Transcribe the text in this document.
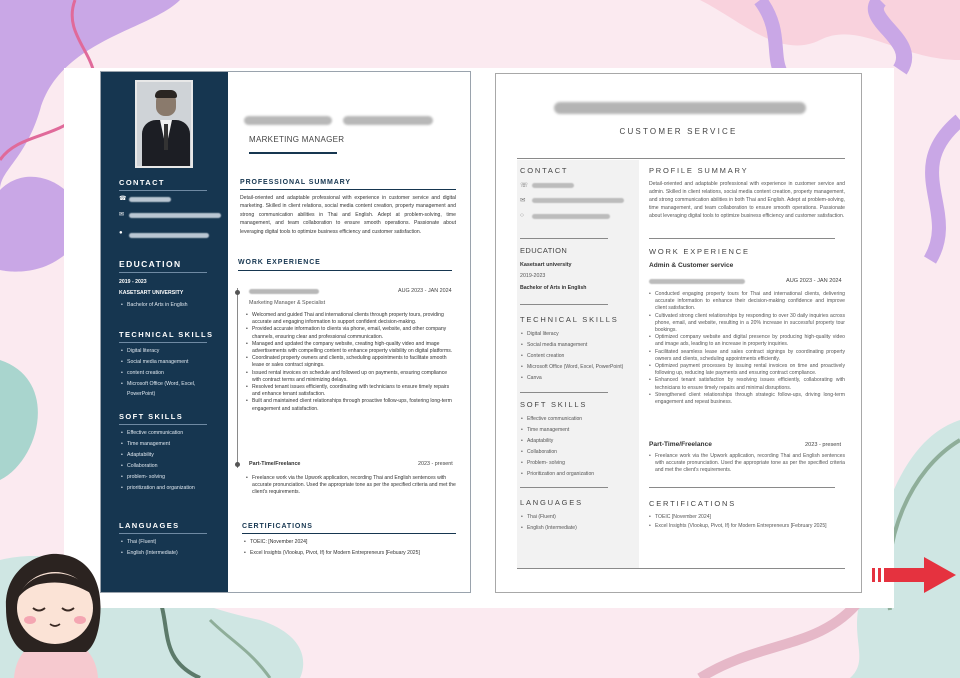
CONTACT
☎
✉
●
EDUCATION
2019 - 2023
KASETSART UNIVERSITY
• Bachelor of Arts in English
TECHNICAL SKILLS
• Digital literacy
• Social media management
• content creation
• Microsoft Office (Word, Excel,
PowerPoint)
SOFT SKILLS
• Effective communication
• Time management
• Adaptability
• Collaboration
• problem- solving
• prioritization and organization
LANGUAGES
• Thai (Fluent)
• English (Intermediate)
MARKETING MANAGER
PROFESSIONAL SUMMARY
Detail-oriented and adaptable professional with experience in customer service and digital marketing. Skilled in client relations, social media content creation, property management and strong communication abilities in Thai and English. Adept at problem-solving, time management, and team collaboration to ensure smooth operations. Passionate about leveraging digital tools to optimize business efficiency and customer satisfaction.
WORK EXPERIENCE
AUG 2023 - JAN 2024
Marketing Manager & Specialist
• Welcomed and guided Thai and international clients through property tours, providing accurate and engaging information to support confident decision-making.
• Provided accurate information to clients via phone, email, website, and other company channels, ensuring clear and professional communication.
• Managed and updated the company website, creating high-quality video and image advertisements with compelling content to enhance property visibility on digital platforms.
• Coordinated property owners and clients, scheduling appointments to facilitate smooth lease or sales contract signings.
• Issued rental invoices on schedule and followed up on payments, ensuring compliance with contract terms and minimizing delays.
• Resolved tenant issues efficiently, coordinating with technicians to ensure timely repairs and enhance tenant satisfaction.
• Built and maintained client relationships through proactive follow-ups, fostering long-term engagement and satisfaction.
Part-Time/Freelance	2023 - present
• Freelance work via the Upwork application, recording Thai and English sentences with accurate pronunciation. Used the appropriate tone as per the specified criteria and met the client's requirements.
CERTIFICATIONS
• TOEIC: [November 2024]
• Excel Insights (Vlookup, Pivot, If) for Modern Entrepreneurs [Febuary 2025]
CUSTOMER SERVICE
CONTACT
☏
✉
○
EDUCATION
Kasetsart university
2019-2023
Bachelor of Arts in English
TECHNICAL SKILLS
• Digital literacy
• Social media management
• Content creation
• Microsoft Office (Word, Excel, PowerPoint)
• Canva
SOFT SKILLS
• Effective communication
• Time management
• Adaptability
• Collaboration
• Problem- solving
• Prioritization and organization
LANGUAGES
• Thai (Fluent)
• English (Intermediate)
PROFILE SUMMARY
Detail-oriented and adaptable professional with experience in customer service and admin. Skilled in client relations, social media content creation, property management, and strong communication abilities in both Thai and English. Adept at problem-solving, time management, and team collaboration to ensure smooth operations. Passionate about leveraging digital tools to optimize business efficiency and customer satisfaction.
WORK EXPERIENCE
Admin & Customer service
AUG 2023 - JAN 2024
• Conducted engaging property tours for Thai and international clients, delivering accurate information to enhance their decision-making confidence and improve client satisfaction.
• Cultivated strong client relationships by responding to over 30 daily inquiries across phone, email, and website, resulting in a 20% increase in successful property tour bookings.
• Optimized company website and digital presence by producing high-quality video and image ads, leading to an increase in property inquiries.
• Facilitated seamless lease and sales contract signings by coordinating property owners and clients, scheduling appointments efficiently.
• Optimized payment processes by issuing rental invoices on time and proactively following up, reducing late payments and ensuring contract compliance.
• Enhanced tenant satisfaction by resolving issues efficiently, collaborating with technicians to ensure timely repairs and minimal disruptions.
• Strengthened client relationships through strategic follow-ups, driving long-term engagement and repeat business.
Part-Time/Freelance	2023 - present
• Freelance work via the Upwork application, recording Thai and English sentences with accurate pronunciation. Used the appropriate tone as per the specified criteria and met the client's requirements.
CERTIFICATIONS
• TOEIC [November 2024]
• Excel Insights (Vlookup, Pivot, If) for Modern Entrepreneurs [February 2025]
